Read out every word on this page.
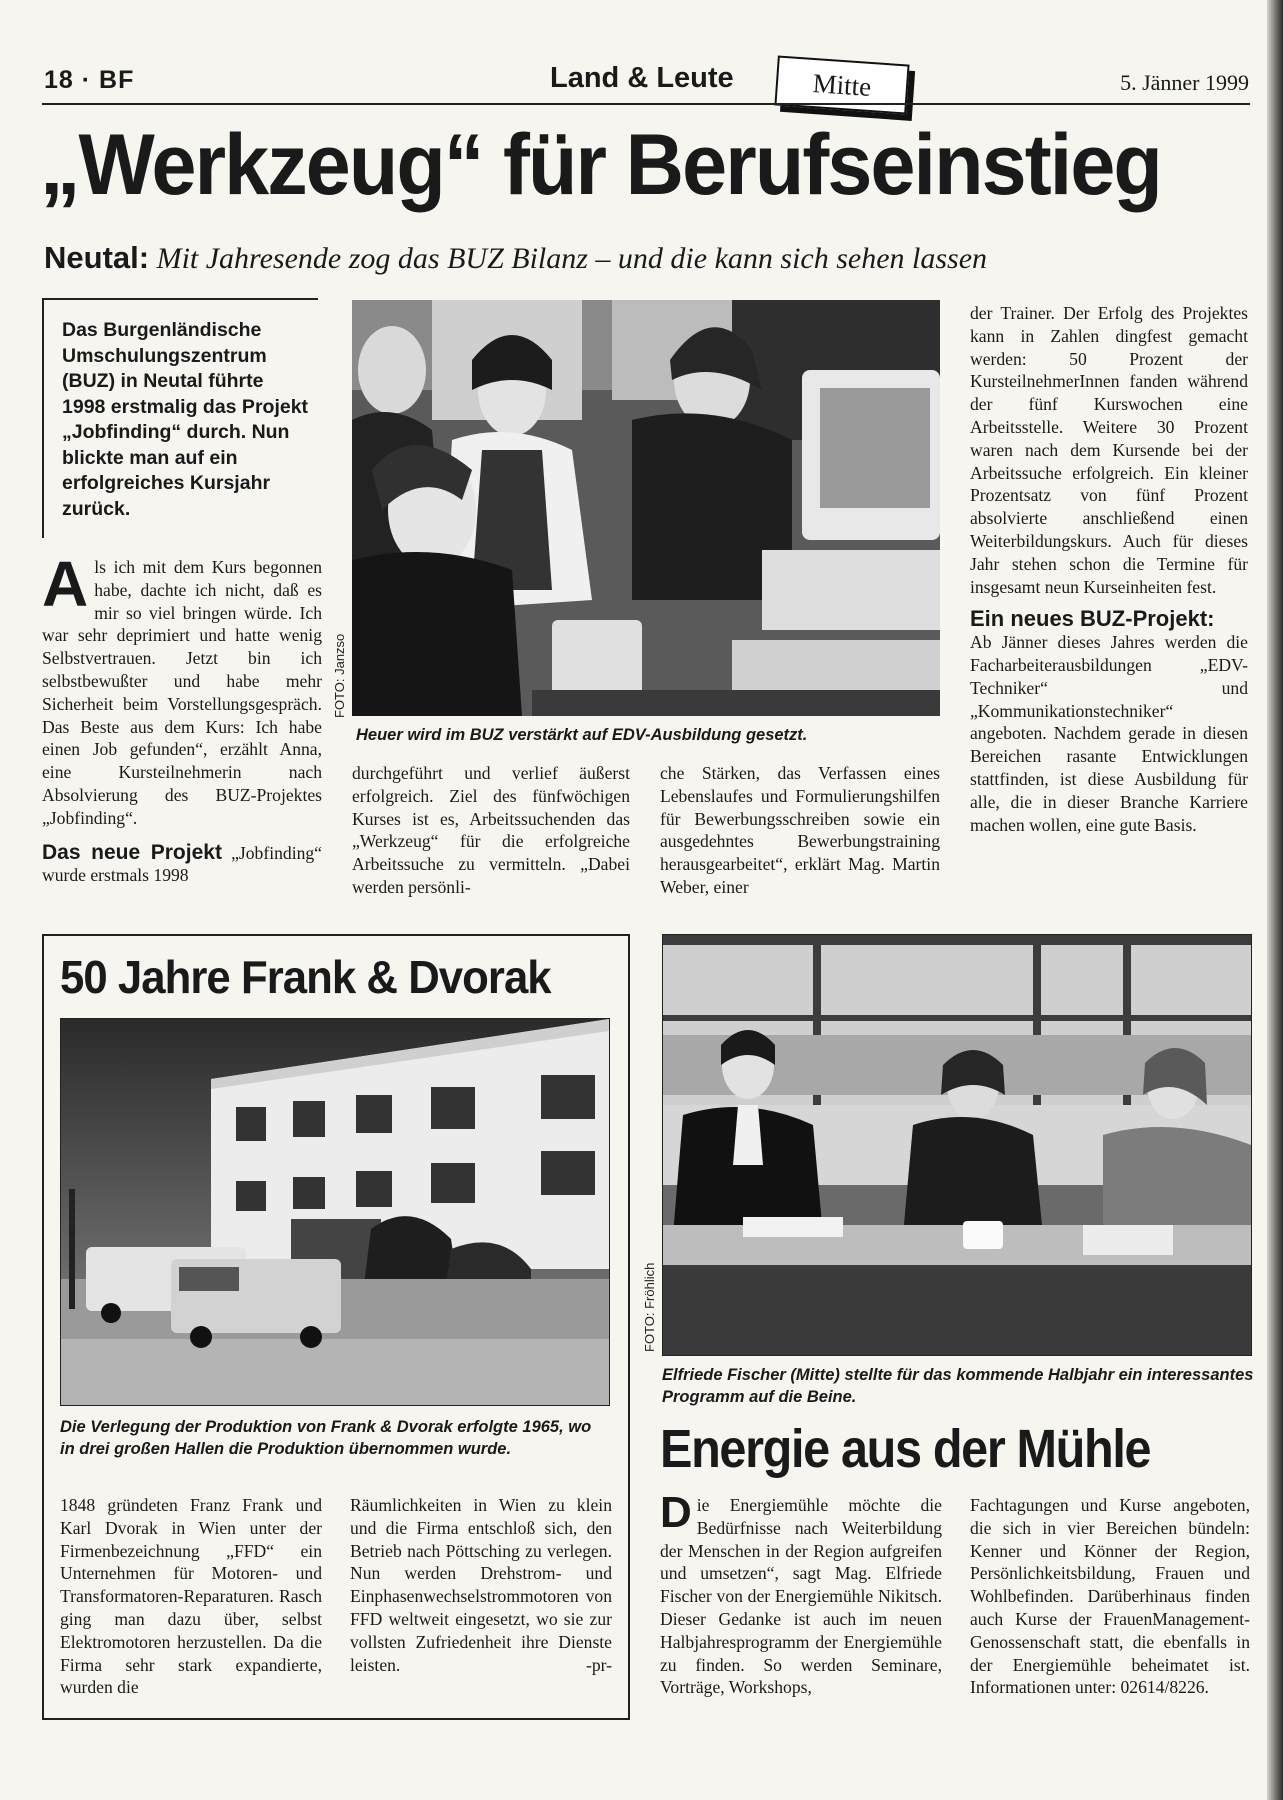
18 · BF	Land & Leute	Mitte	5. Jänner 1999
„Werkzeug“ für Berufseinstieg
Neutal: Mit Jahresende zog das BUZ Bilanz – und die kann sich sehen lassen
Das Burgenländische Umschulungszentrum (BUZ) in Neutal führte 1998 erstmalig das Projekt „Jobfinding“ durch. Nun blickte man auf ein erfolgreiches Kursjahr zurück.
A ls ich mit dem Kurs begonnen habe, dachte ich nicht, daß es mir so viel bringen würde. Ich war sehr deprimiert und hatte wenig Selbstvertrauen. Jetzt bin ich selbstbewußter und habe mehr Sicherheit beim Vorstellungsgespräch. Das Beste aus dem Kurs: Ich habe einen Job gefunden“, erzählt Anna, eine Kursteilnehmerin nach Absolvierung des BUZ-Projektes „Jobfinding“.

Das neue Projekt „Jobfinding“ wurde erstmals 1998

FOTO: Janzso
Heuer wird im BUZ verstärkt auf EDV-Ausbildung gesetzt.
durchgeführt und verlief äußerst erfolgreich. Ziel des fünfwöchigen Kurses ist es, Arbeitssuchenden das „Werkzeug“ für die erfolgreiche Arbeitssuche zu vermitteln. „Dabei werden persönli-
che Stärken, das Verfassen eines Lebenslaufes und Formulierungshilfen für Bewerbungsschreiben sowie ein ausgedehntes Bewerbungstraining herausgearbeitet“, erklärt Mag. Martin Weber, einer

der Trainer. Der Erfolg des Projektes kann in Zahlen dingfest gemacht werden: 50 Prozent der KursteilnehmerInnen fanden während der fünf Kurswochen eine Arbeitsstelle. Weitere 30 Prozent waren nach dem Kursende bei der Arbeitssuche erfolgreich. Ein kleiner Prozentsatz von fünf Prozent absolvierte anschließend einen Weiterbildungskurs. Auch für dieses Jahr stehen schon die Termine für insgesamt neun Kurseinheiten fest.

Ein neues BUZ-Projekt:

Ab Jänner dieses Jahres werden die Facharbeiterausbildungen „EDV-Techniker“ und „Kommunikationstechniker“ angeboten. Nachdem gerade in diesen Bereichen rasante Entwicklungen stattfinden, ist diese Ausbildung für alle, die in dieser Branche Karriere machen wollen, eine gute Basis.

50 Jahre Frank & Dvorak
Die Verlegung der Produktion von Frank & Dvorak erfolgte 1965, wo in drei großen Hallen die Produktion übernommen wurde.
1848 gründeten Franz Frank und Karl Dvorak in Wien unter der Firmenbezeichnung „FFD“ ein Unternehmen für Motoren- und Transformatoren-Reparaturen. Rasch ging man dazu über, selbst Elektromotoren herzustellen. Da die Firma sehr stark expandierte, wurden die
Räumlichkeiten in Wien zu klein und die Firma entschloß sich, den Betrieb nach Pöttsching zu verlegen. Nun werden Drehstrom- und Einphasenwechselstrommotoren von FFD weltweit eingesetzt, wo sie zur vollsten Zufriedenheit ihre Dienste leisten.	-pr-
FOTO: Fröhlich
Elfriede Fischer (Mitte) stellte für das kommende Halbjahr ein interessantes Programm auf die Beine.
Energie aus der Mühle
D ie Energiemühle möchte die Bedürfnisse nach Weiterbildung der Menschen in der Region aufgreifen und umsetzen“, sagt Mag. Elfriede Fischer von der Energiemühle Nikitsch. Dieser Gedanke ist auch im neuen Halbjahresprogramm der Energiemühle zu finden. So werden Seminare, Vorträge, Workshops,
Fachtagungen und Kurse angeboten, die sich in vier Bereichen bündeln: Kenner und Könner der Region, Persönlichkeitsbildung, Frauen und Wohlbefinden. Darüberhinaus finden auch Kurse der FrauenManagement-Genossenschaft statt, die ebenfalls in der Energiemühle beheimatet ist. Informationen unter: 02614/8226.
